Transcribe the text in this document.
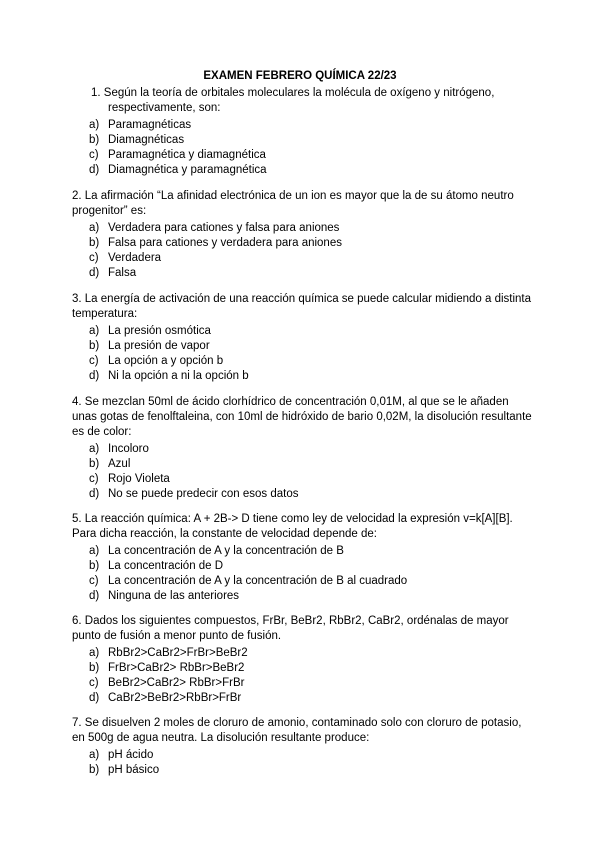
EXAMEN FEBRERO QUÍMICA 22/23

1. Según la teoría de orbitales moleculares la molécula de oxígeno y nitrógeno, respectivamente, son:

a) Paramagnéticas
b) Diamagnéticas
c) Paramagnética y diamagnética
d) Diamagnética y paramagnética

2. La afirmación “La afinidad electrónica de un ion es mayor que la de su átomo neutro progenitor” es:

a) Verdadera para cationes y falsa para aniones
b) Falsa para cationes y verdadera para aniones
c) Verdadera
d) Falsa

3. La energía de activación de una reacción química se puede calcular midiendo a distinta temperatura:

a) La presión osmótica
b) La presión de vapor
c) La opción a y opción b
d) Ni la opción a ni la opción b

4. Se mezclan 50ml de ácido clorhídrico de concentración 0,01M, al que se le añaden unas gotas de fenolftaleina, con 10ml de hidróxido de bario 0,02M, la disolución resultante es de color:

a) Incoloro
b) Azul
c) Rojo Violeta
d) No se puede predecir con esos datos

5. La reacción química: A + 2B-> D tiene como ley de velocidad la expresión v=k[A][B]. Para dicha reacción, la constante de velocidad depende de:

a) La concentración de A y la concentración de B
b) La concentración de D
c) La concentración de A y la concentración de B al cuadrado
d) Ninguna de las anteriores

6. Dados los siguientes compuestos, FrBr, BeBr2, RbBr2, CaBr2, ordénalas de mayor punto de fusión a menor punto de fusión.

a) RbBr2>CaBr2>FrBr>BeBr2
b) FrBr>CaBr2> RbBr>BeBr2
c) BeBr2>CaBr2> RbBr>FrBr
d) CaBr2>BeBr2>RbBr>FrBr

7. Se disuelven 2 moles de cloruro de amonio, contaminado solo con cloruro de potasio, en 500g de agua neutra. La disolución resultante produce:

a) pH ácido
b) pH básico
